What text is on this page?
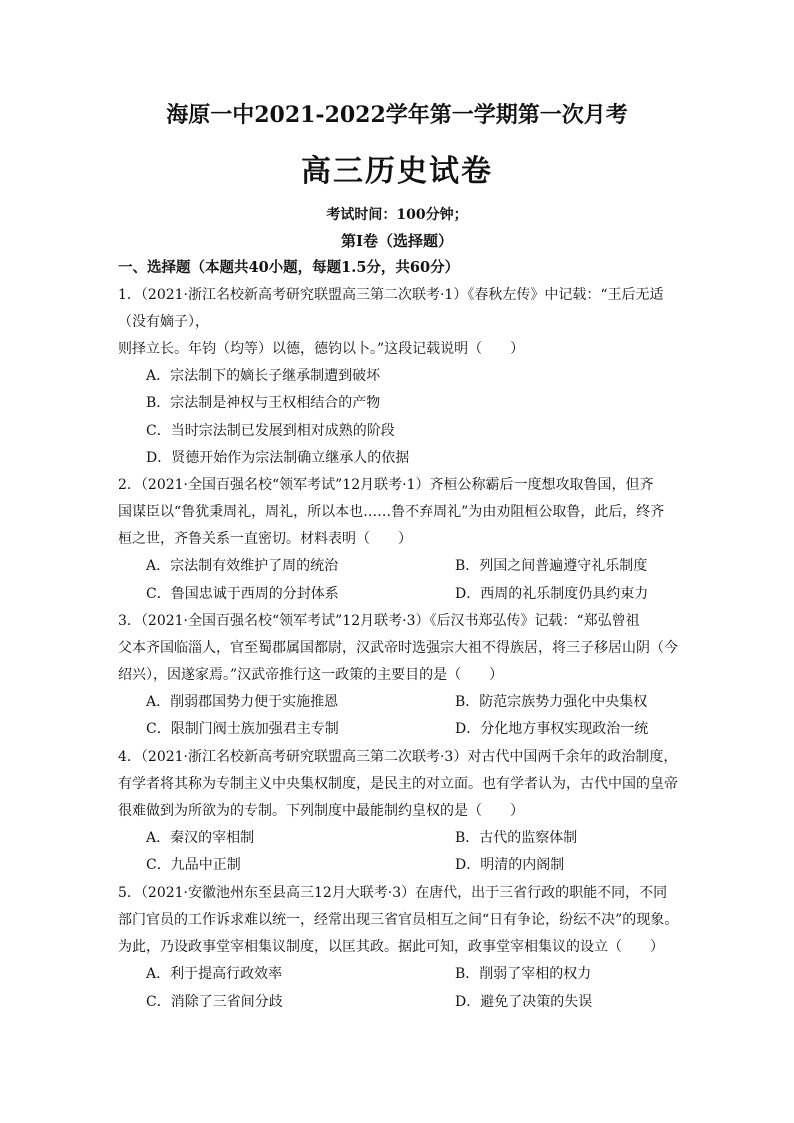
海原一中2021-2022学年第一学期第一次月考
高三历史试卷
考试时间：100分钟；
第I卷（选择题）
一、选择题（本题共40小题，每题1.5分，共60分）
1．（2021·浙江名校新高考研究联盟高三第二次联考·1）《春秋左传》中记载：“王后无适
（没有嫡子），
则择立长。年钧（均等）以德，德钧以卜。”这段记载说明（　　）
A．宗法制下的嫡长子继承制遭到破坏
B．宗法制是神权与王权相结合的产物
C．当时宗法制已发展到相对成熟的阶段
D．贤德开始作为宗法制确立继承人的依据
2．（2021·全国百强名校“领军考试”12月联考·1）齐桓公称霸后一度想攻取鲁国，但齐
国谋臣以“鲁犹秉周礼，周礼，所以本也……鲁不弃周礼”为由劝阻桓公取鲁，此后，终齐
桓之世，齐鲁关系一直密切。材料表明（　　）
A．宗法制有效维护了周的统治	B．列国之间普遍遵守礼乐制度
C．鲁国忠诚于西周的分封体系	D．西周的礼乐制度仍具约束力
3．（2021·全国百强名校“领军考试”12月联考·3）《后汉书郑弘传》记载：“郑弘曾祖
父本齐国临淄人，官至蜀郡属国都尉，汉武帝时选强宗大祖不得族居，将三子移居山阴（今
绍兴），因遂家焉。”汉武帝推行这一政策的主要目的是（　　）
A．削弱郡国势力便于实施推恩	B．防范宗族势力强化中央集权
C．限制门阀士族加强君主专制	D．分化地方事权实现政治一统
4．（2021·浙江名校新高考研究联盟高三第二次联考·3）对古代中国两千余年的政治制度，
有学者将其称为专制主义中央集权制度，是民主的对立面。也有学者认为，古代中国的皇帝
很难做到为所欲为的专制。下列制度中最能制约皇权的是（　　）
A．秦汉的宰相制	B．古代的监察体制
C．九品中正制	D．明清的内阁制
5．（2021·安徽池州东至县高三12月大联考·3）在唐代，出于三省行政的职能不同，不同
部门官员的工作诉求难以统一，经常出现三省官员相互之间“日有争论，纷纭不决”的现象。
为此，乃设政事堂宰相集议制度，以匡其政。据此可知，政事堂宰相集议的设立（　　）
A．利于提高行政效率	B．削弱了宰相的权力
C．消除了三省间分歧	D．避免了决策的失误
